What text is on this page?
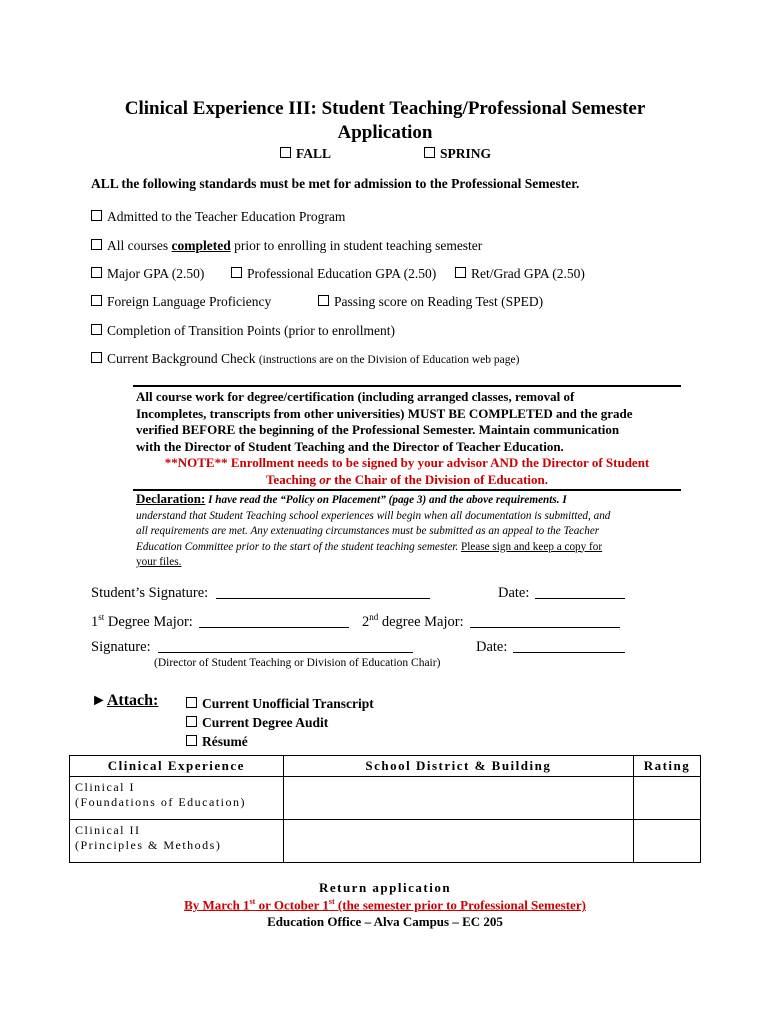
Clinical Experience III: Student Teaching/Professional Semester
Application
FALL	SPRING
ALL the following standards must be met for admission to the Professional Semester.
Admitted to the Teacher Education Program
All courses completed prior to enrolling in student teaching semester
Major GPA (2.50)	Professional Education GPA (2.50)	Ret/Grad GPA (2.50)
Foreign Language Proficiency	Passing score on Reading Test (SPED)
Completion of Transition Points (prior to enrollment)
Current Background Check (instructions are on the Division of Education web page)
All course work for degree/certification (including arranged classes, removal of
Incompletes, transcripts from other universities) MUST BE COMPLETED and the grade
verified BEFORE the beginning of the Professional Semester. Maintain communication
with the Director of Student Teaching and the Director of Teacher Education.
**NOTE** Enrollment needs to be signed by your advisor AND the Director of Student
Teaching or the Chair of the Division of Education.
Declaration: I have read the “Policy on Placement” (page 3) and the above requirements. I
understand that Student Teaching school experiences will begin when all documentation is submitted, and
all requirements are met. Any extenuating circumstances must be submitted as an appeal to the Teacher
Education Committee prior to the start of the student teaching semester. Please sign and keep a copy for
your files.
Student’s Signature:	Date:
1st Degree Major:	2nd degree Major:
Signature:	Date:
(Director of Student Teaching or Division of Education Chair)
►Attach:	Current Unofficial Transcript
Current Degree Audit
Résumé
Clinical Experience	School District & Building	Rating

Clinical I
(Foundations of Education)		

Clinical II
(Principles & Methods)		

Return application
By March 1st or October 1st (the semester prior to Professional Semester)
Education Office – Alva Campus – EC 205
